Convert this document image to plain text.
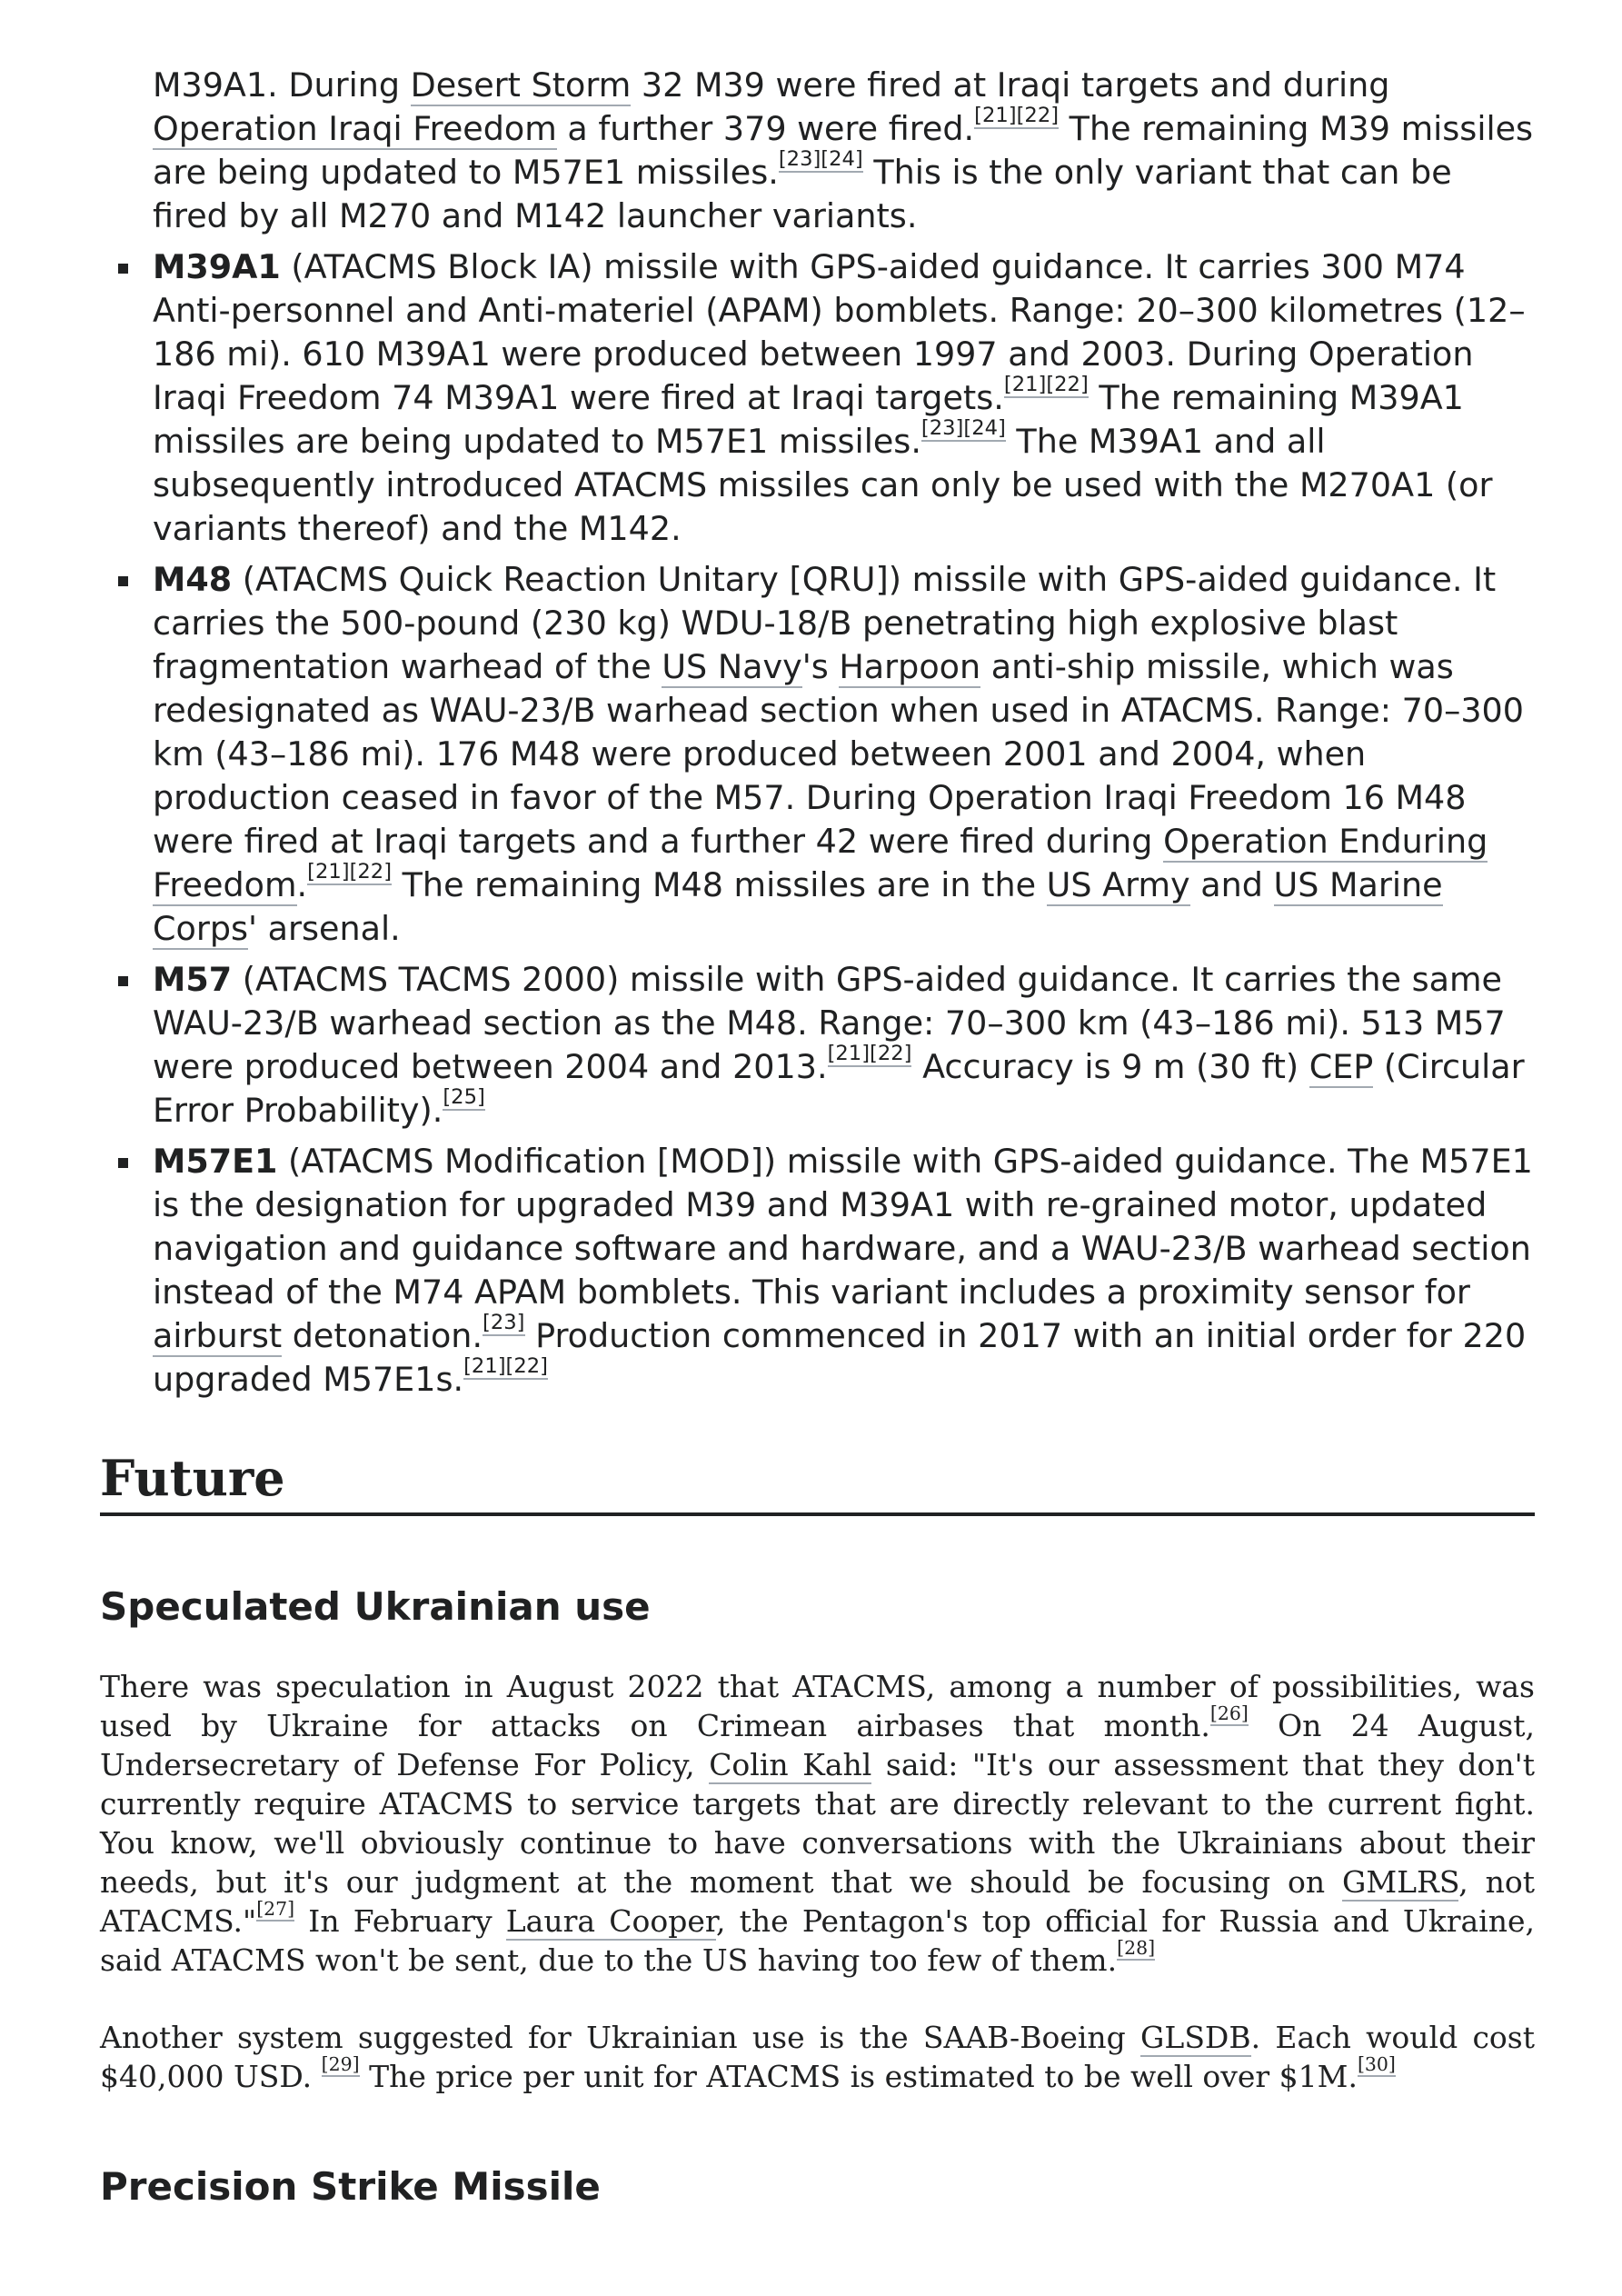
M39A1. During Desert Storm 32 M39 were fired at Iraqi targets and during Operation Iraqi Freedom a further 379 were fired.[21][22] The remaining M39 missiles are being updated to M57E1 missiles.[23][24] This is the only variant that can be fired by all M270 and M142 launcher variants.
M39A1 (ATACMS Block IA) missile with GPS-aided guidance. It carries 300 M74 Anti-personnel and Anti-materiel (APAM) bomblets. Range: 20–300 kilometres (12–186 mi). 610 M39A1 were produced between 1997 and 2003. During Operation Iraqi Freedom 74 M39A1 were fired at Iraqi targets.[21][22] The remaining M39A1 missiles are being updated to M57E1 missiles.[23][24] The M39A1 and all subsequently introduced ATACMS missiles can only be used with the M270A1 (or variants thereof) and the M142.
M48 (ATACMS Quick Reaction Unitary [QRU]) missile with GPS-aided guidance. It carries the 500-pound (230 kg) WDU-18/B penetrating high explosive blast fragmentation warhead of the US Navy's Harpoon anti-ship missile, which was redesignated as WAU-23/B warhead section when used in ATACMS. Range: 70–300 km (43–186 mi). 176 M48 were produced between 2001 and 2004, when production ceased in favor of the M57. During Operation Iraqi Freedom 16 M48 were fired at Iraqi targets and a further 42 were fired during Operation Enduring Freedom.[21][22] The remaining M48 missiles are in the US Army and US Marine Corps' arsenal.
M57 (ATACMS TACMS 2000) missile with GPS-aided guidance. It carries the same WAU-23/B warhead section as the M48. Range: 70–300 km (43–186 mi). 513 M57 were produced between 2004 and 2013.[21][22] Accuracy is 9 m (30 ft) CEP (Circular Error Probability).[25]
M57E1 (ATACMS Modification [MOD]) missile with GPS-aided guidance. The M57E1 is the designation for upgraded M39 and M39A1 with re-grained motor, updated navigation and guidance software and hardware, and a WAU-23/B warhead section instead of the M74 APAM bomblets. This variant includes a proximity sensor for airburst detonation.[23] Production commenced in 2017 with an initial order for 220 upgraded M57E1s.[21][22]
Future
Speculated Ukrainian use

There was speculation in August 2022 that ATACMS, among a number of possibilities, was used by Ukraine for attacks on Crimean airbases that month.[26] On 24 August, Undersecretary of Defense For Policy, Colin Kahl said: "It's our assessment that they don't currently require ATACMS to service targets that are directly relevant to the current fight. You know, we'll obviously continue to have conversations with the Ukrainians about their needs, but it's our judgment at the moment that we should be focusing on GMLRS, not ATACMS."[27] In February Laura Cooper, the Pentagon's top official for Russia and Ukraine, said ATACMS won't be sent, due to the US having too few of them.[28]

Another system suggested for Ukrainian use is the SAAB-Boeing GLSDB. Each would cost $40,000 USD. [29] The price per unit for ATACMS is estimated to be well over $1M.[30]

Precision Strike Missile
